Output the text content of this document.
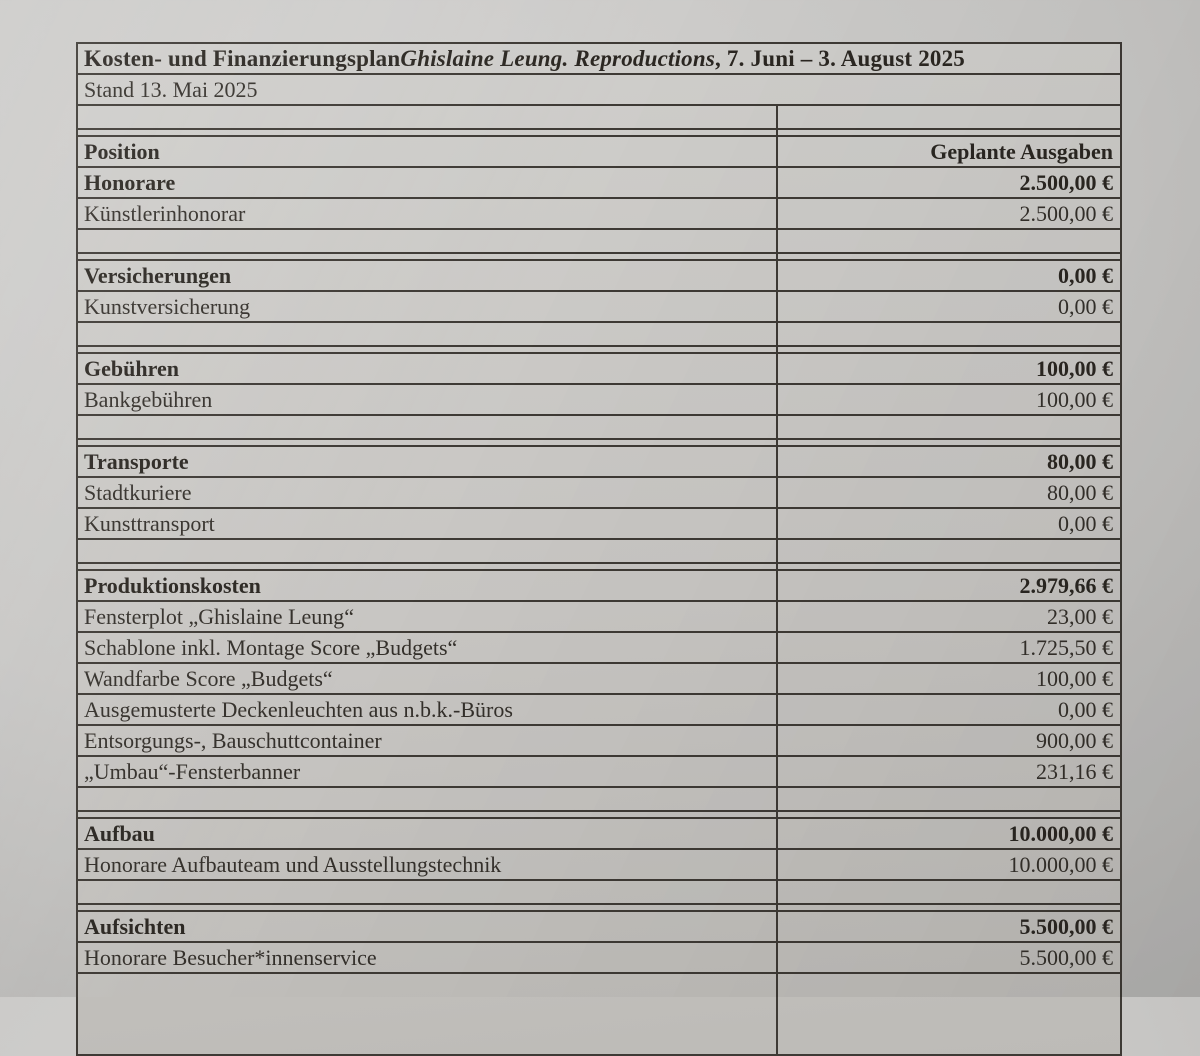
Kosten- und FinanzierungsplanGhislaine Leung. Reproductions, 7. Juni – 3. August 2025
Stand 13. Mai 2025
Position	Geplante Ausgaben
Honorare	2.500,00 €
Künstlerinhonorar	2.500,00 €
Versicherungen	0,00 €
Kunstversicherung	0,00 €
Gebühren	100,00 €
Bankgebühren	100,00 €
Transporte	80,00 €
Stadtkuriere	80,00 €
Kunsttransport	0,00 €
Produktionskosten	2.979,66 €
Fensterplot „Ghislaine Leung“	23,00 €
Schablone inkl. Montage Score „Budgets“	1.725,50 €
Wandfarbe Score „Budgets“	100,00 €
Ausgemusterte Deckenleuchten aus n.b.k.-Büros	0,00 €
Entsorgungs-, Bauschuttcontainer	900,00 €
„Umbau“-Fensterbanner	231,16 €
Aufbau	10.000,00 €
Honorare Aufbauteam und Ausstellungstechnik	10.000,00 €
Aufsichten	5.500,00 €
Honorare Besucher*innenservice	5.500,00 €
